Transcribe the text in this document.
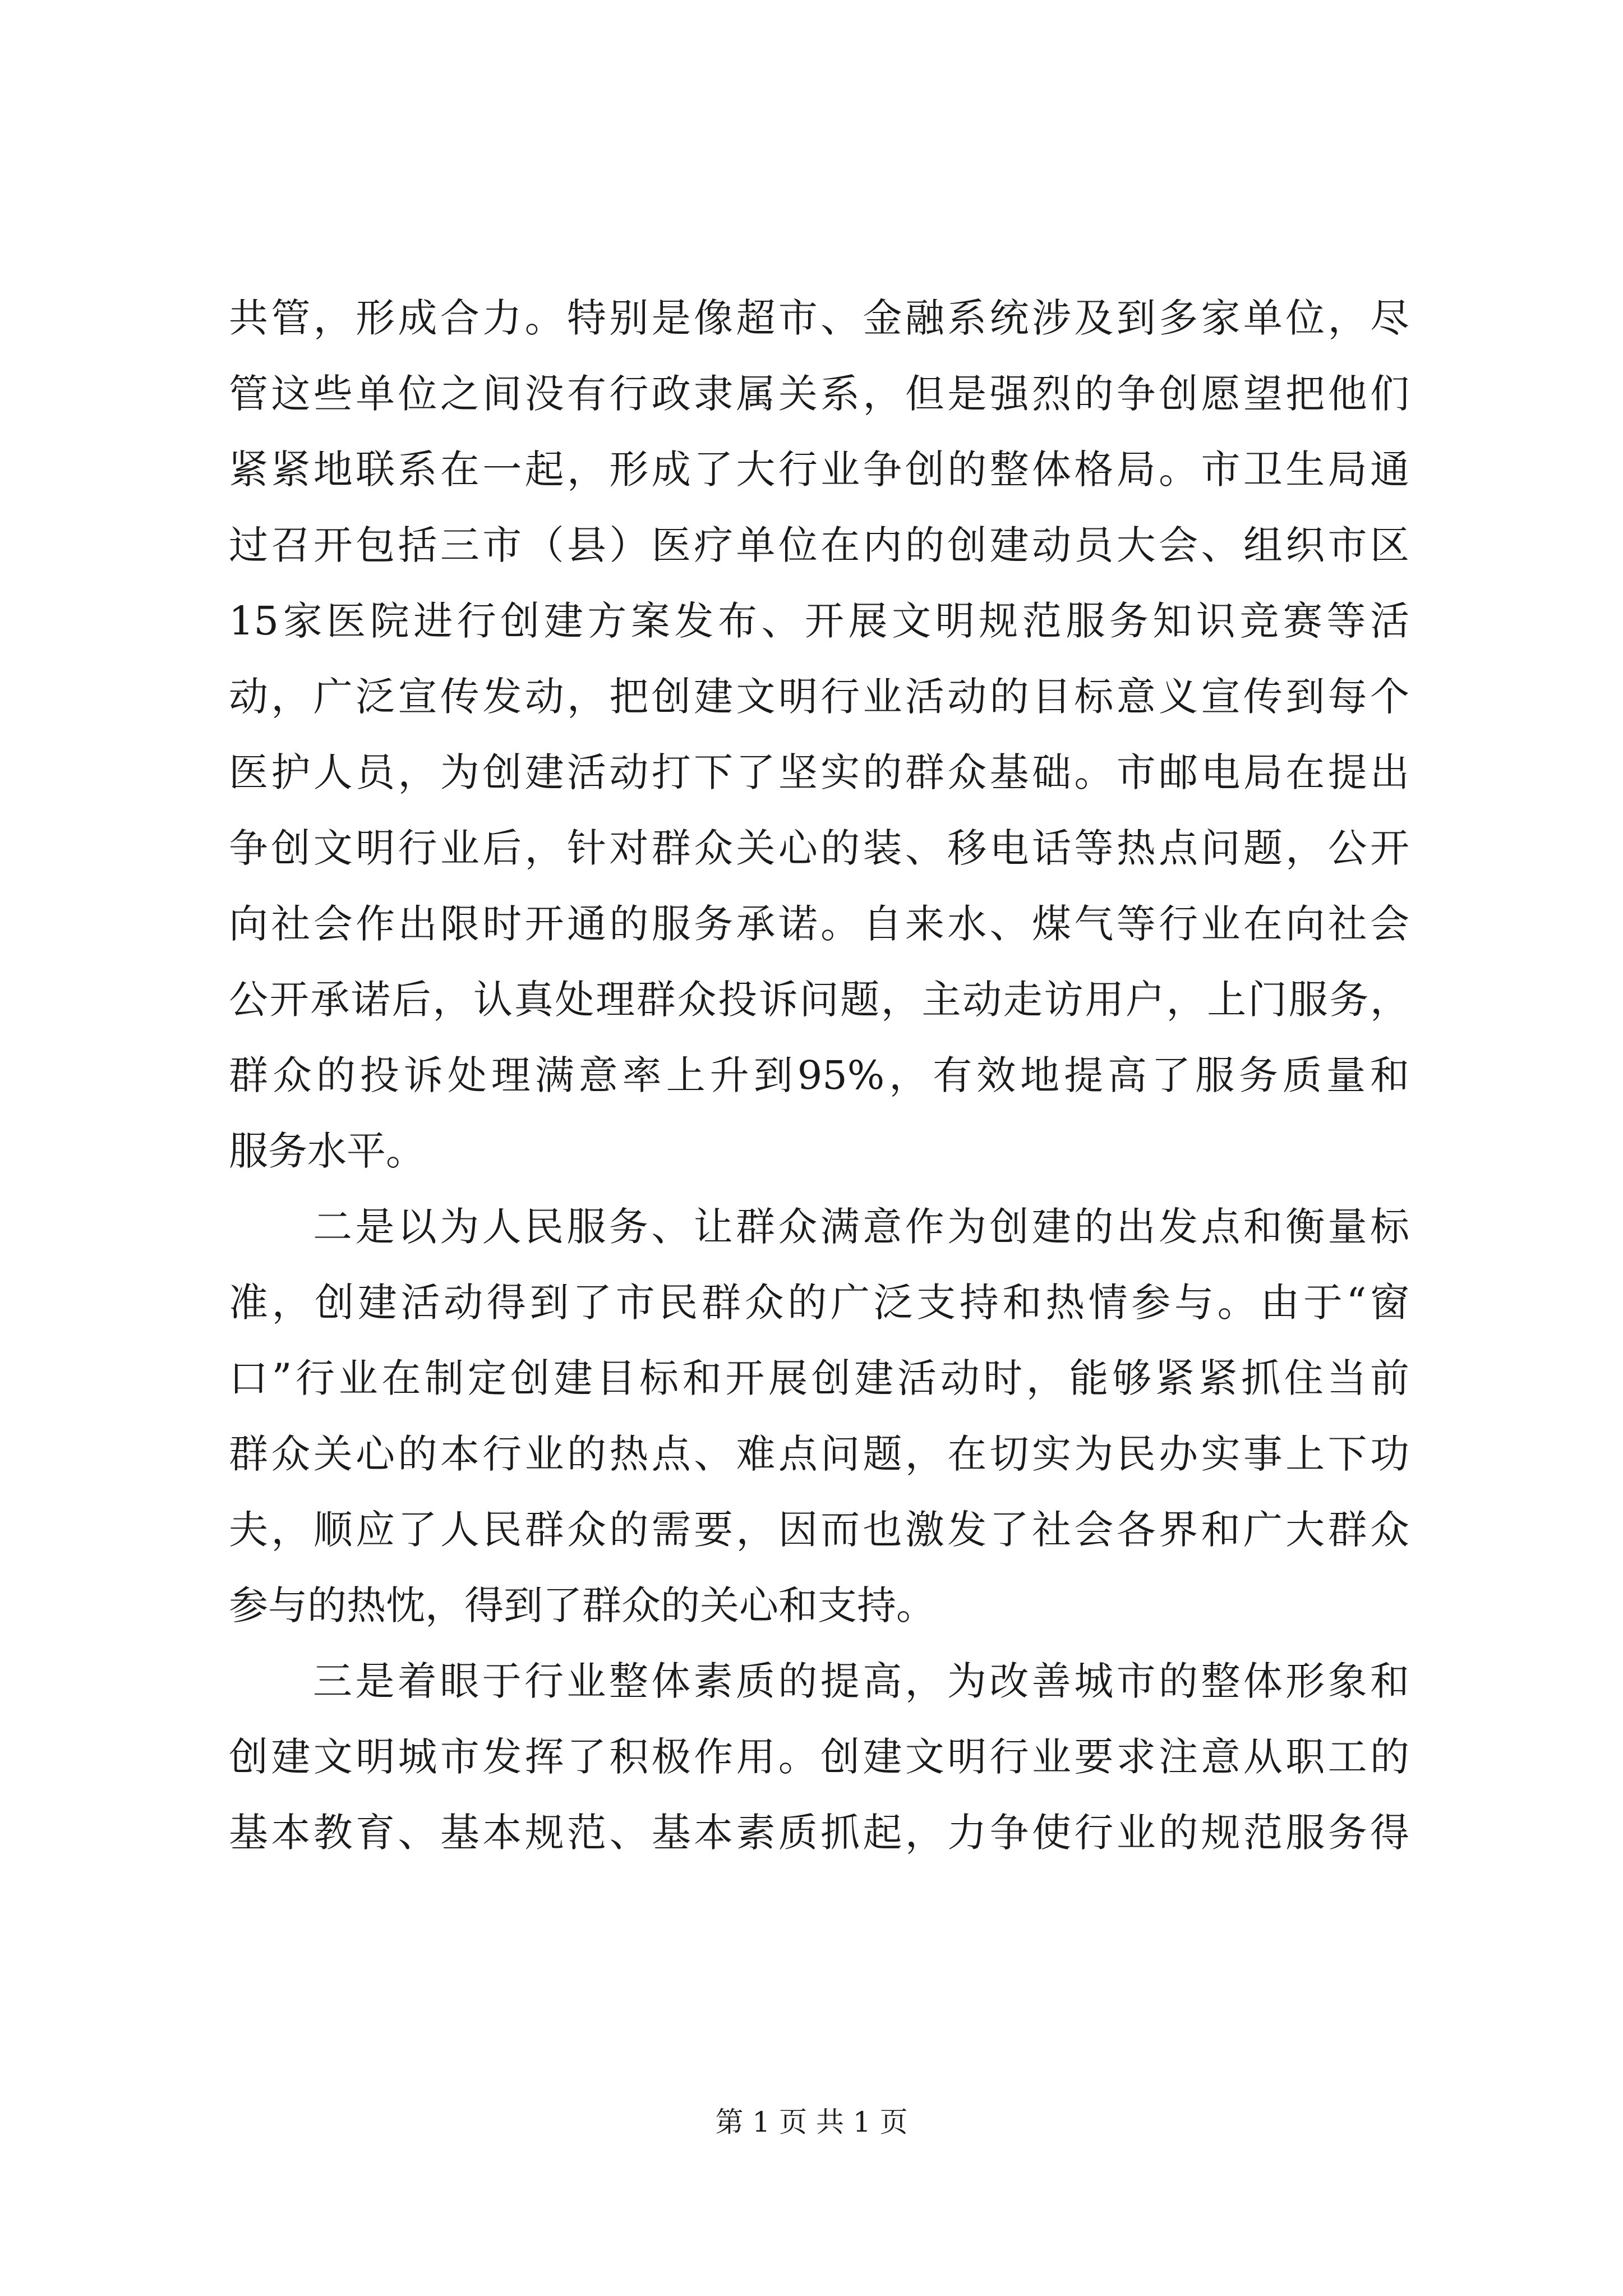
共管，形成合力。特别是像超市、金融系统涉及到多家单位，尽
管这些单位之间没有行政隶属关系，但是强烈的争创愿望把他们
紧紧地联系在一起，形成了大行业争创的整体格局。市卫生局通
过召开包括三市（县）医疗单位在内的创建动员大会、组织市区
15家医院进行创建方案发布、开展文明规范服务知识竞赛等活
动，广泛宣传发动，把创建文明行业活动的目标意义宣传到每个
医护人员，为创建活动打下了坚实的群众基础。市邮电局在提出
争创文明行业后，针对群众关心的装、移电话等热点问题，公开
向社会作出限时开通的服务承诺。自来水、煤气等行业在向社会
公开承诺后，认真处理群众投诉问题，主动走访用户，上门服务，
群众的投诉处理满意率上升到95%，有效地提高了服务质量和
服务水平。
二是以为人民服务、让群众满意作为创建的出发点和衡量标
准，创建活动得到了市民群众的广泛支持和热情参与。由于“窗
口”行业在制定创建目标和开展创建活动时，能够紧紧抓住当前
群众关心的本行业的热点、难点问题，在切实为民办实事上下功
夫，顺应了人民群众的需要，因而也激发了社会各界和广大群众
参与的热忱，得到了群众的关心和支持。
三是着眼于行业整体素质的提高，为改善城市的整体形象和
创建文明城市发挥了积极作用。创建文明行业要求注意从职工的
基本教育、基本规范、基本素质抓起，力争使行业的规范服务得
第 1 页 共 1 页
